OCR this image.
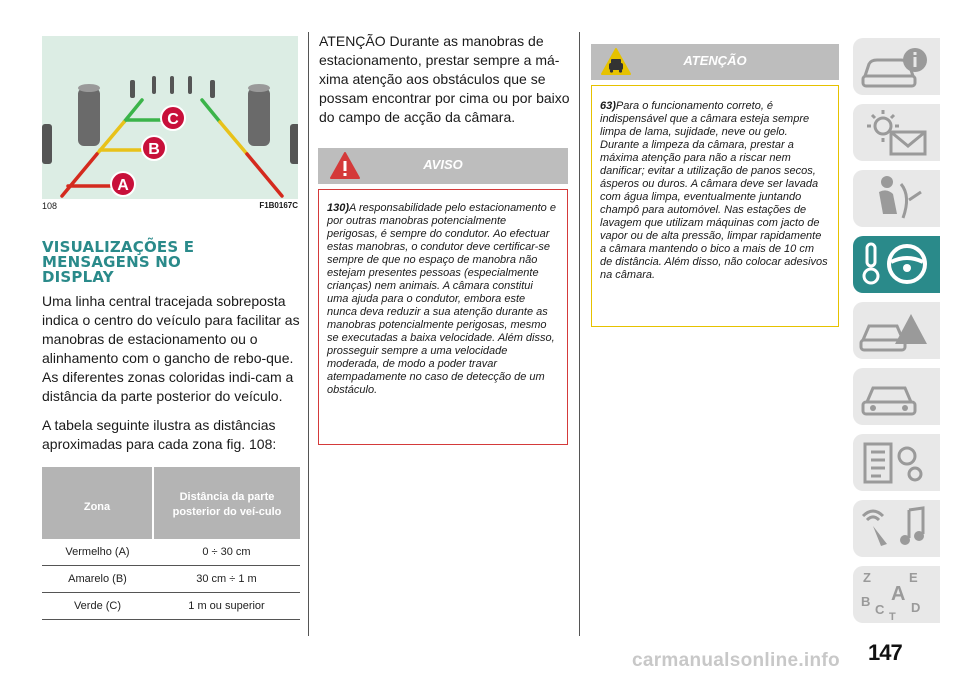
C
B
A
108	F1B0167C
VISUALIZAÇÕES E
MENSAGENS NO
DISPLAY
Uma linha central tracejada sobreposta indica o centro do veículo para facilitar as manobras de estacionamento ou o alinhamento com o gancho de rebo-que. As diferentes zonas coloridas indi-cam a distância da parte posterior do veículo.
A tabela seguinte ilustra as distâncias aproximadas para cada zona fig. 108:
Zona	Distância da parte posterior do veí-culo
Vermelho (A)	0 ÷ 30 cm
Amarelo (B)	30 cm ÷ 1 m
Verde (C)	1 m ou superior
ATENÇÃO Durante as manobras de estacionamento, prestar sempre a má-xima atenção aos obstáculos que se possam encontrar por cima ou por baixo do campo de acção da câmara.
AVISO
130)A responsabilidade pelo estacionamento e por outras manobras potencialmente perigosas, é sempre do condutor. Ao efectuar estas manobras, o condutor deve certificar-se sempre de que no espaço de manobra não estejam presentes pessoas (especialmente crianças) nem animais. A câmara constitui uma ajuda para o condutor, embora este nunca deva reduzir a sua atenção durante as manobras potencialmente perigosas, mesmo se executadas a baixa velocidade. Além disso, prosseguir sempre a uma velocidade moderada, de modo a poder travar atempadamente no caso de detecção de um obstáculo.
ATENÇÃO
63)Para o funcionamento correto, é indispensável que a câmara esteja sempre limpa de lama, sujidade, neve ou gelo. Durante a limpeza da câmara, prestar a máxima atenção para não a riscar nem danificar; evitar a utilização de panos secos, ásperos ou duros. A câmara deve ser lavada com água limpa, eventualmente juntando champô para automóvel. Nas estações de lavagem que utilizam máquinas com jacto de vapor ou de alta pressão, limpar rapidamente a câmara mantendo o bico a mais de 10 cm de distância. Além disso, não colocar adesivos na câmara.
Z	E
B A
C T
D
147
carmanualsonline.info
